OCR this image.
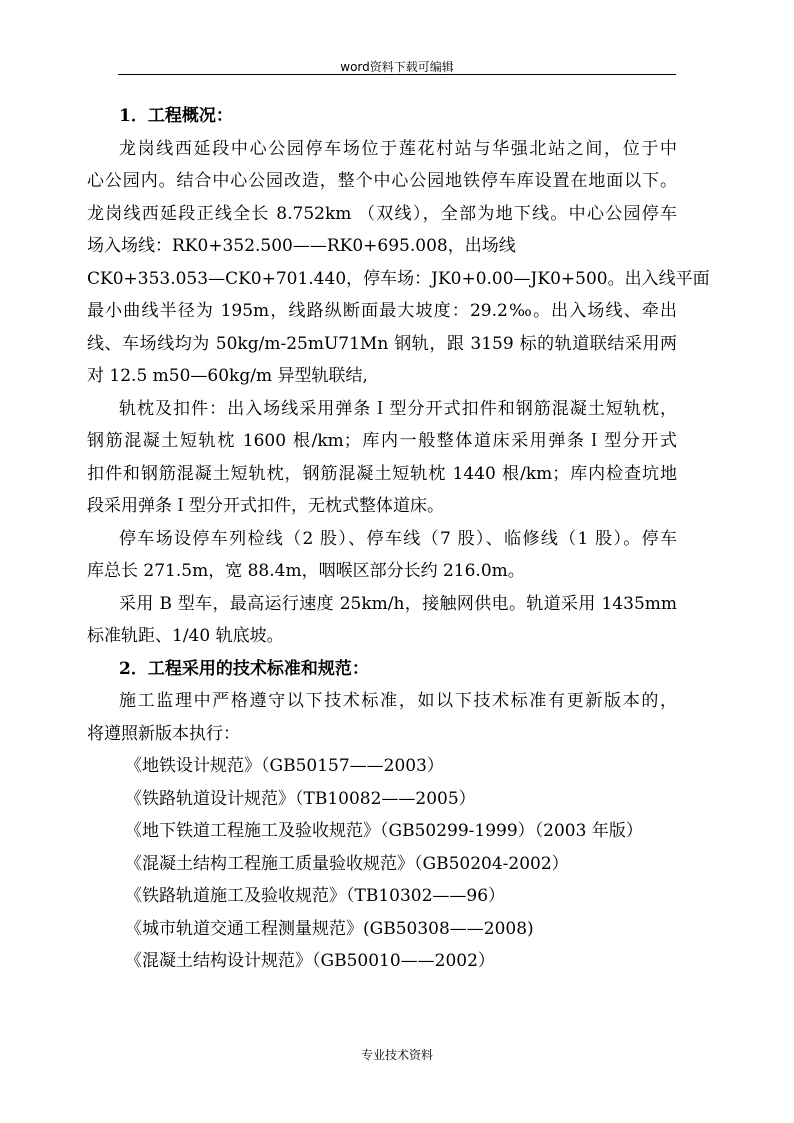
word资料下载可编辑
1．工程概况：
龙岗线西延段中心公园停车场位于莲花村站与华强北站之间，位于中
心公园内。结合中心公园改造，整个中心公园地铁停车库设置在地面以下。
龙岗线西延段正线全长 8.752km （双线），全部为地下线。中心公园停车
场入场线：RK0+352.500——RK0+695.008，出场线
CK0+353.053—CK0+701.440，停车场：JK0+0.00—JK0+500。出入线平面
最小曲线半径为 195m，线路纵断面最大坡度：29.2‰。出入场线、牵出
线、车场线均为 50kg/m-25mU71Mn 钢轨，跟 3159 标的轨道联结采用两
对 12.5 m50—60kg/m 异型轨联结,
轨枕及扣件：出入场线采用弹条Ｉ型分开式扣件和钢筋混凝土短轨枕，
钢筋混凝土短轨枕 1600 根/km；库内一般整体道床采用弹条Ｉ型分开式
扣件和钢筋混凝土短轨枕，钢筋混凝土短轨枕 1440 根/km；库内检查坑地
段采用弹条Ｉ型分开式扣件，无枕式整体道床。
停车场设停车列检线（2 股）、停车线（7 股）、临修线（1 股）。停车
库总长 271.5m，宽 88.4m，咽喉区部分长约 216.0m。
采用 B 型车，最高运行速度 25km/h，接触网供电。轨道采用 1435mm
标准轨距、1/40 轨底坡。
2．工程采用的技术标准和规范：
施工监理中严格遵守以下技术标准，如以下技术标准有更新版本的，
将遵照新版本执行：
《地铁设计规范》（GB50157——2003）
《铁路轨道设计规范》（TB10082——2005）
《地下铁道工程施工及验收规范》（GB50299-1999）（2003 年版）
《混凝土结构工程施工质量验收规范》（GB50204-2002）
《铁路轨道施工及验收规范》（TB10302——96）
《城市轨道交通工程测量规范》(GB50308——2008)
《混凝土结构设计规范》（GB50010——2002）
专业技术资料
